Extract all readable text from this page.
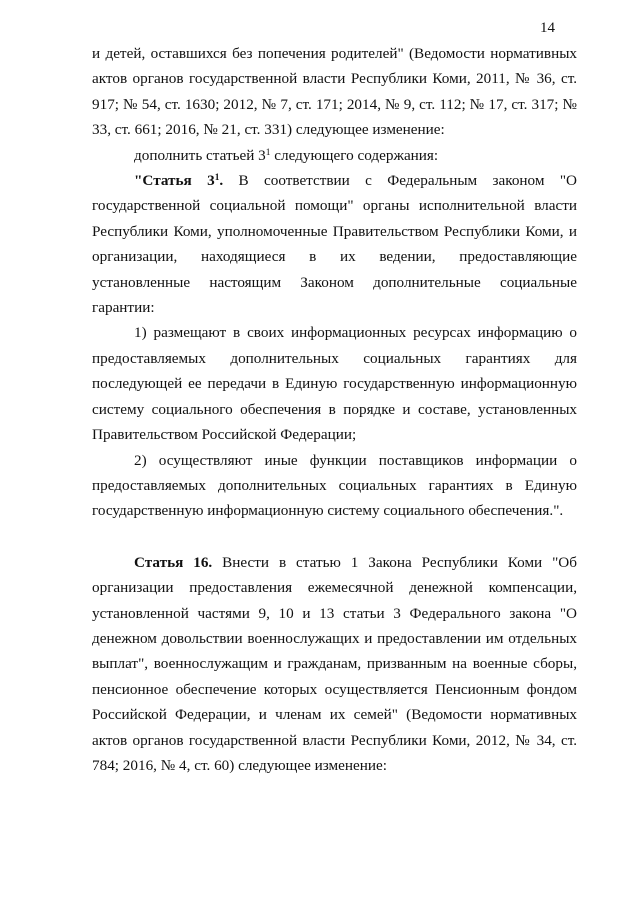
14

и детей, оставшихся без попечения родителей" (Ведомости нормативных актов органов государственной власти Республики Коми, 2011, № 36, ст. 917; № 54, ст. 1630; 2012, № 7, ст. 171; 2014, № 9, ст. 112; № 17, ст. 317; № 33, ст. 661; 2016, № 21, ст. 331) следующее изменение:

дополнить статьей $3^1$ следующего содержания:

"Статья $3^1$. В соответствии с Федеральным законом "О государственной социальной помощи" органы исполнительной власти Республики Коми, уполномоченные Правительством Республики Коми, и организации, находящиеся в их ведении, предоставляющие установленные настоящим Законом дополнительные социальные гарантии:

1) размещают в своих информационных ресурсах информацию о предоставляемых дополнительных социальных гарантиях для последующей ее передачи в Единую государственную информационную систему социального обеспечения в порядке и составе, установленных Правительством Российской Федерации;

2) осуществляют иные функции поставщиков информации о предоставляемых дополнительных социальных гарантиях в Единую государственную информационную систему социального обеспечения.".

Статья 16. Внести в статью 1 Закона Республики Коми "Об организации предоставления ежемесячной денежной компенсации, установленной частями 9, 10 и 13 статьи 3 Федерального закона "О денежном довольствии военнослужащих и предоставлении им отдельных выплат", военнослужащим и гражданам, призванным на военные сборы, пенсионное обеспечение которых осуществляется Пенсионным фондом Российской Федерации, и членам их семей" (Ведомости нормативных актов органов государственной власти Республики Коми, 2012, № 34, ст. 784; 2016, № 4, ст. 60) следующее изменение:
